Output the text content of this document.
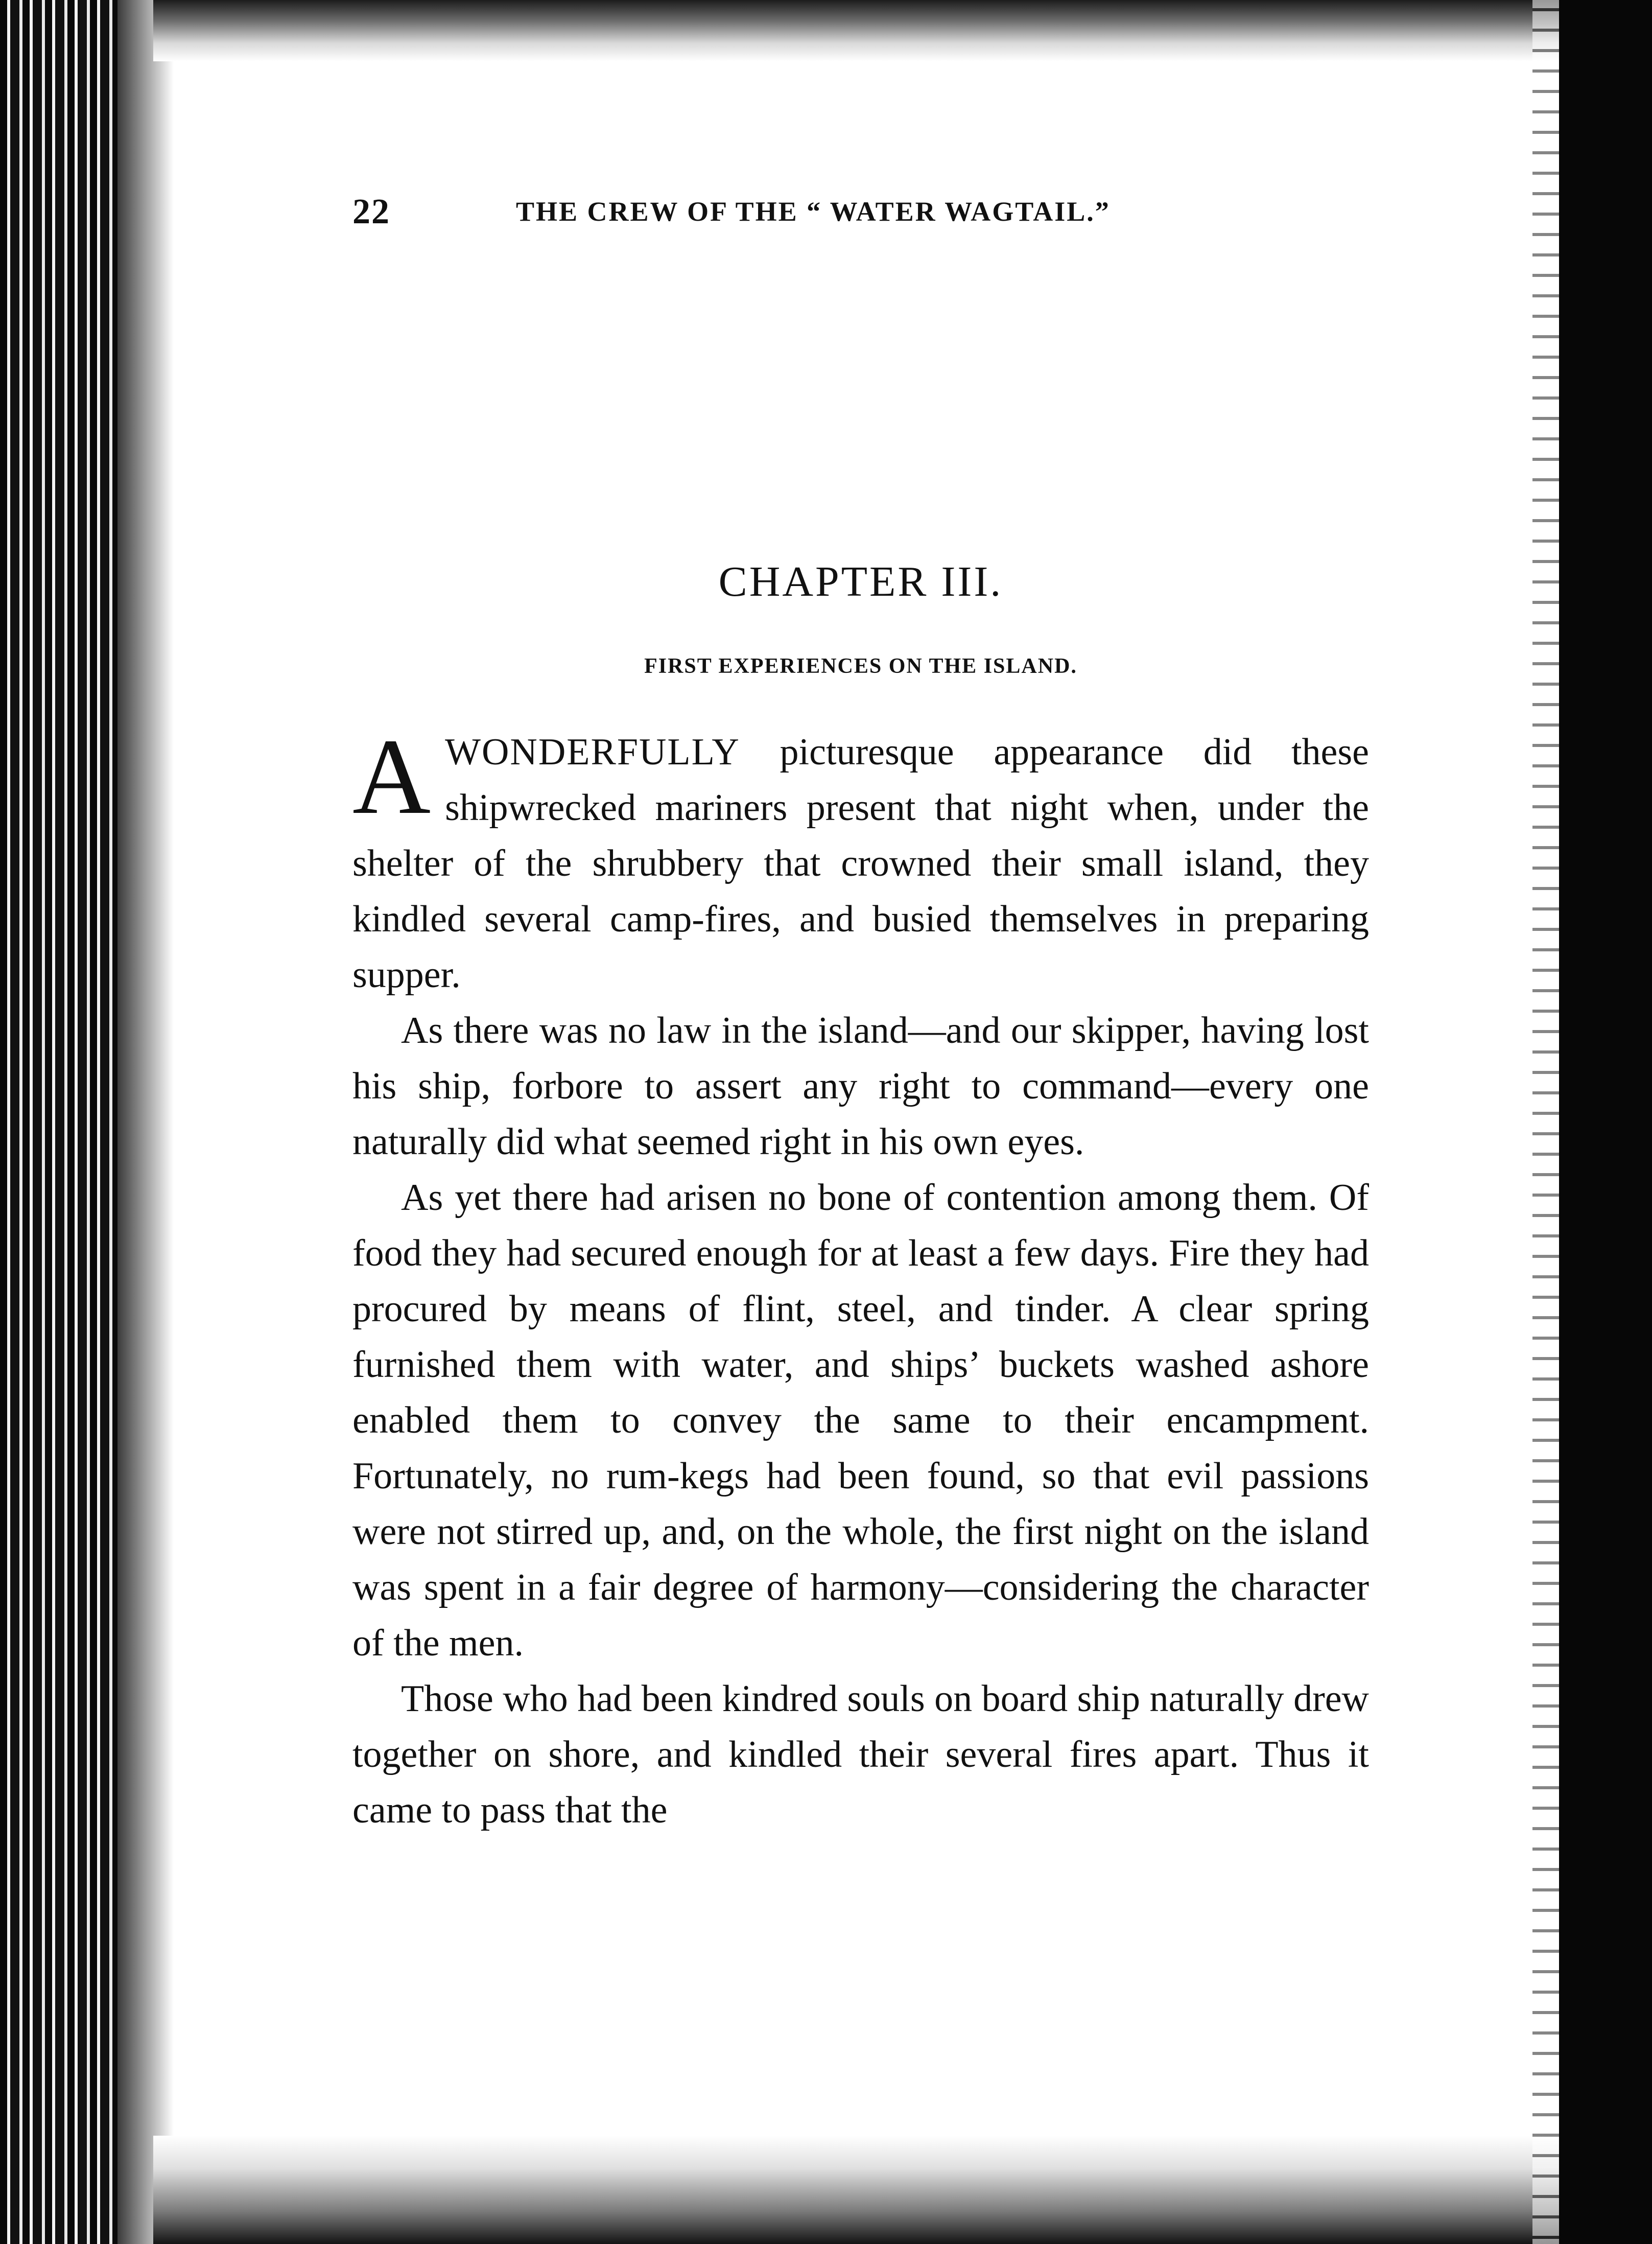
22	THE CREW OF THE “ WATER WAGTAIL.”
CHAPTER III.
FIRST EXPERIENCES ON THE ISLAND.

AWONDERFULLY picturesque appearance did these shipwrecked mariners present that night when, under the shelter of the shrubbery that crowned their small island, they kindled several camp-fires, and busied themselves in preparing supper.

As there was no law in the island—and our skipper, having lost his ship, forbore to assert any right to command—every one naturally did what seemed right in his own eyes.

As yet there had arisen no bone of contention among them. Of food they had secured enough for at least a few days. Fire they had procured by means of flint, steel, and tinder. A clear spring furnished them with water, and ships’ buckets washed ashore enabled them to convey the same to their encampment. Fortunately, no rum-kegs had been found, so that evil passions were not stirred up, and, on the whole, the first night on the island was spent in a fair degree of harmony—considering the character of the men.

Those who had been kindred souls on board ship naturally drew together on shore, and kindled their several fires apart. Thus it came to pass that the
